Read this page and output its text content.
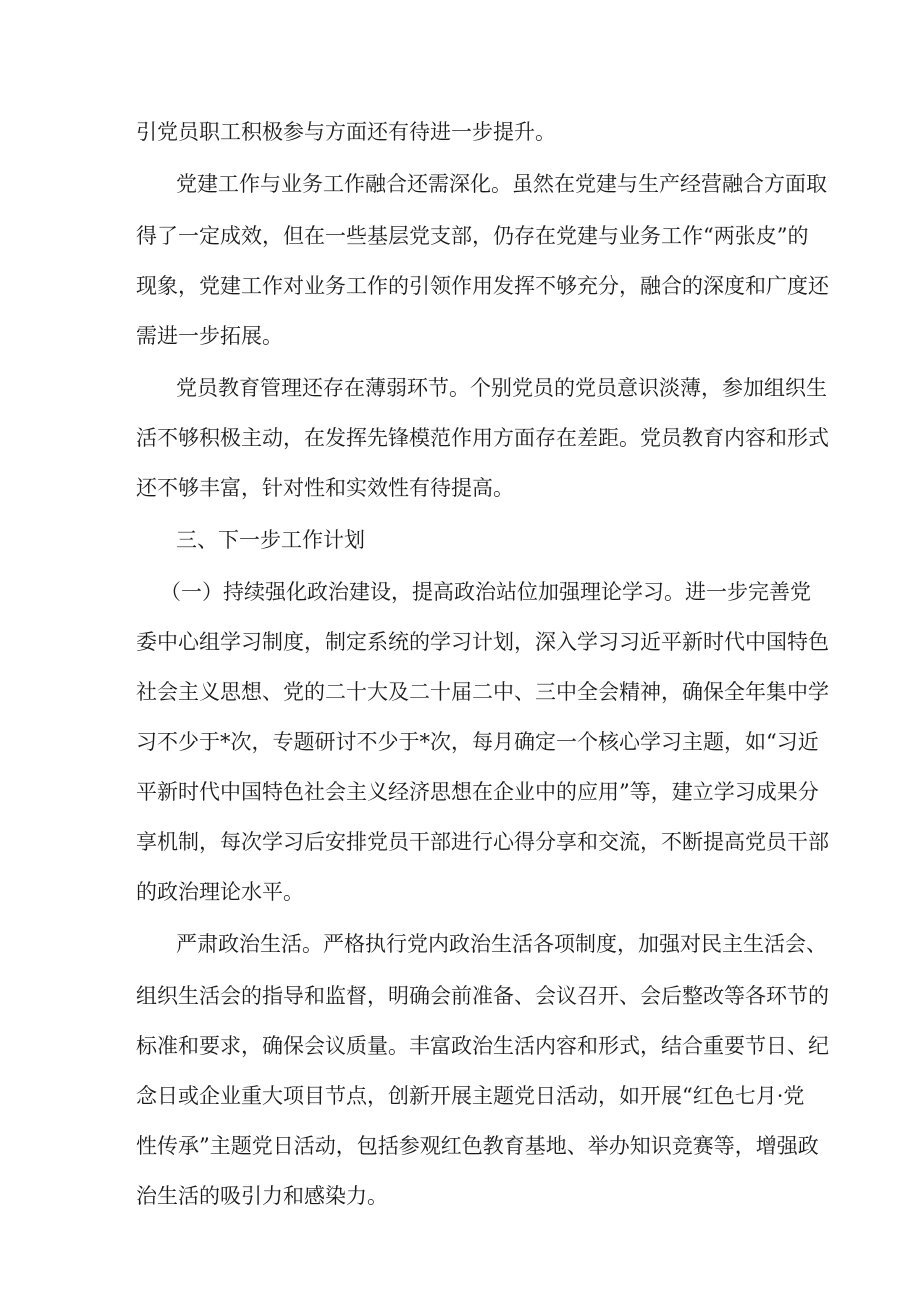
引党员职工积极参与方面还有待进一步提升。
党建工作与业务工作融合还需深化。虽然在党建与生产经营融合方面取
得了一定成效，但在一些基层党支部，仍存在党建与业务工作“两张皮”的
现象，党建工作对业务工作的引领作用发挥不够充分，融合的深度和广度还
需进一步拓展。
党员教育管理还存在薄弱环节。个别党员的党员意识淡薄，参加组织生
活不够积极主动，在发挥先锋模范作用方面存在差距。党员教育内容和形式
还不够丰富，针对性和实效性有待提高。
三、下一步工作计划
（一）持续强化政治建设，提高政治站位加强理论学习。进一步完善党
委中心组学习制度，制定系统的学习计划，深入学习习近平新时代中国特色
社会主义思想、党的二十大及二十届二中、三中全会精神，确保全年集中学
习不少于*次，专题研讨不少于*次，每月确定一个核心学习主题，如“习近
平新时代中国特色社会主义经济思想在企业中的应用”等，建立学习成果分
享机制，每次学习后安排党员干部进行心得分享和交流，不断提高党员干部
的政治理论水平。
严肃政治生活。严格执行党内政治生活各项制度，加强对民主生活会、
组织生活会的指导和监督，明确会前准备、会议召开、会后整改等各环节的
标准和要求，确保会议质量。丰富政治生活内容和形式，结合重要节日、纪
念日或企业重大项目节点，创新开展主题党日活动，如开展“红色七月·党
性传承”主题党日活动，包括参观红色教育基地、举办知识竞赛等，增强政
治生活的吸引力和感染力。
